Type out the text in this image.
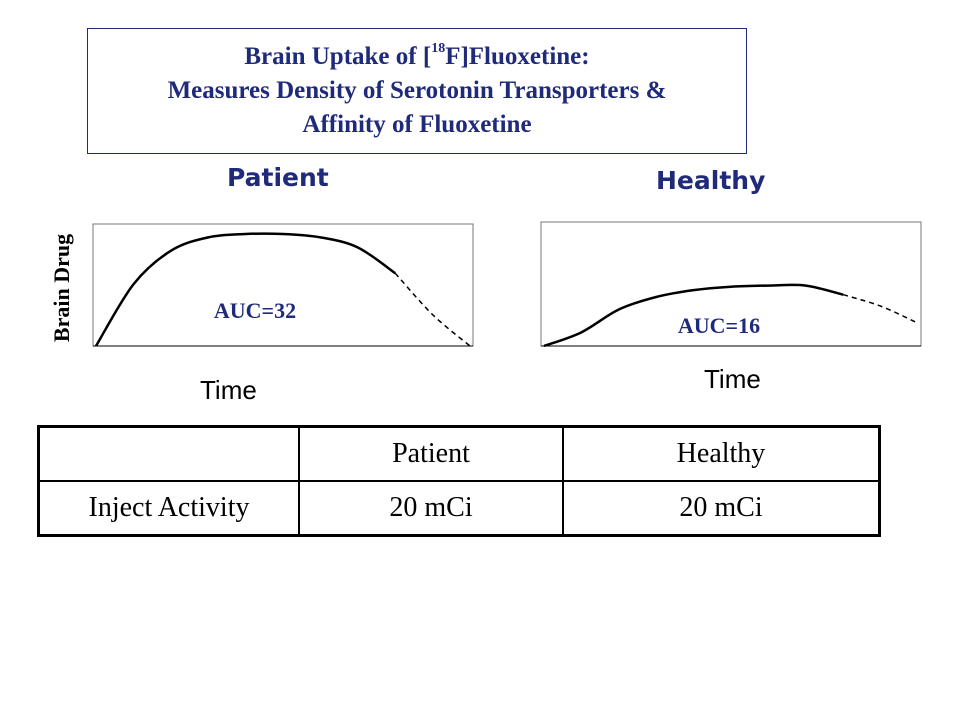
Brain Uptake of [$^{18}$F]Fluoxetine:
Measures Density of Serotonin Transporters &
Affinity of Fluoxetine
Patient	Healthy
Brain Drug	AUC=32
AUC=16
Time	Time
	Patient	Healthy
Inject Activity	20 mCi	20 mCi
